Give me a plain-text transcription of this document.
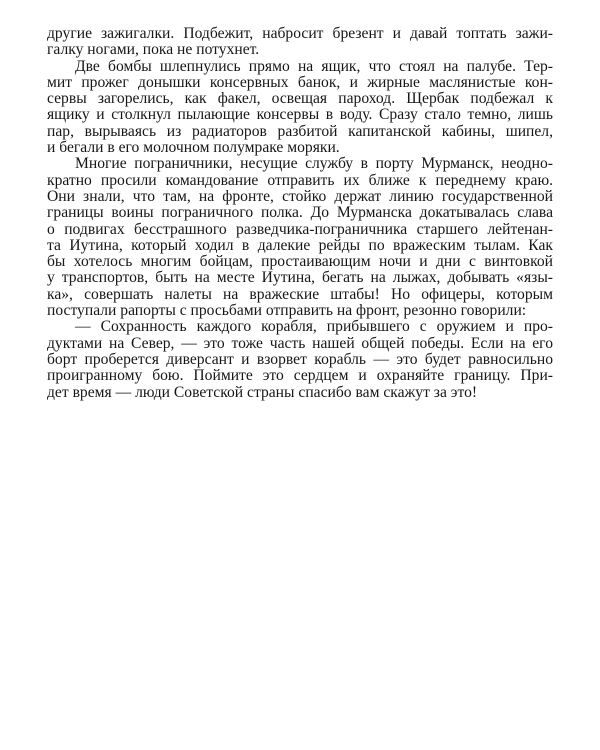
другие зажигалки. Подбежит, набросит брезент и давай топтать зажи-
галку ногами, пока не потухнет.
Две бомбы шлепнулись прямо на ящик, что стоял на палубе. Тер-
мит прожег донышки консервных банок, и жирные маслянистые кон-
сервы загорелись, как факел, освещая пароход. Щербак подбежал к
ящику и столкнул пылающие консервы в воду. Сразу стало темно, лишь
пар, вырываясь из радиаторов разбитой капитанской кабины, шипел,
и бегали в его молочном полумраке моряки.
Многие пограничники, несущие службу в порту Мурманск, неодно-
кратно просили командование отправить их ближе к переднему краю.
Они знали, что там, на фронте, стойко держат линию государственной
границы воины пограничного полка. До Мурманска докатывалась слава
о подвигах бесстрашного разведчика-пограничника старшего лейтенан-
та Иутина, который ходил в далекие рейды по вражеским тылам. Как
бы хотелось многим бойцам, простаивающим ночи и дни с винтовкой
у транспортов, быть на месте Иутина, бегать на лыжах, добывать «язы-
ка», совершать налеты на вражеские штабы! Но офицеры, которым
поступали рапорты с просьбами отправить на фронт, резонно говорили:
— Сохранность каждого корабля, прибывшего с оружием и про-
дуктами на Север, — это тоже часть нашей общей победы. Если на его
борт проберется диверсант и взорвет корабль — это будет равносильно
проигранному бою. Поймите это сердцем и охраняйте границу. При-
дет время — люди Советской страны спасибо вам скажут за это!
